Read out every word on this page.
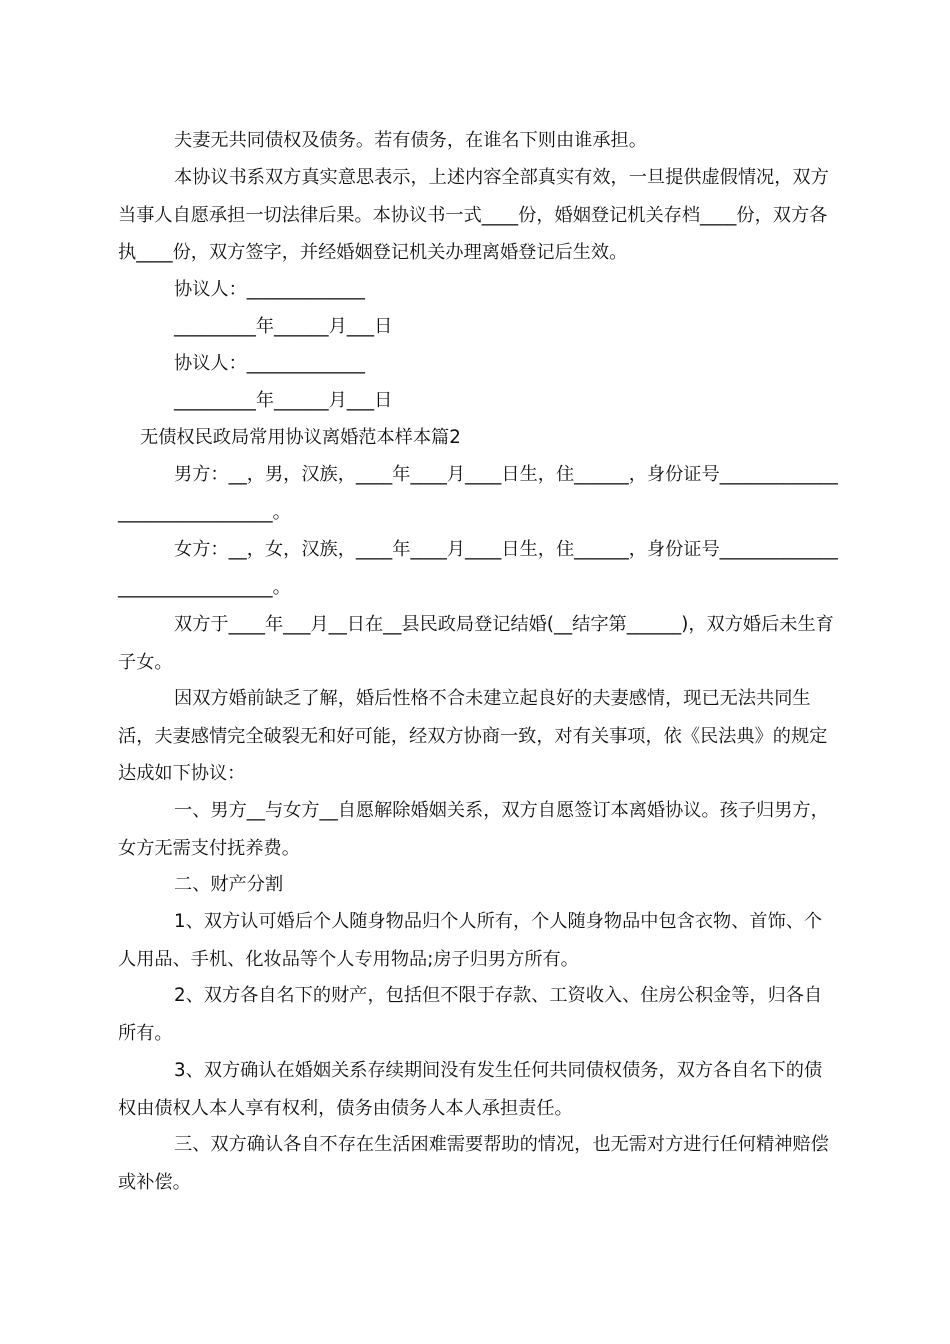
夫妻无共同债权及债务。若有债务，在谁名下则由谁承担。

本协议书系双方真实意思表示，上述内容全部真实有效，一旦提供虚假情况，双方当事人自愿承担一切法律后果。本协议书一式____份，婚姻登记机关存档____份，双方各执____份，双方签字，并经婚姻登记机关办理离婚登记后生效。

协议人：_____________

_________年______月___日

协议人：_____________

_________年______月___日

无债权民政局常用协议离婚范本样本篇2

男方：__，男，汉族，____年____月____日生，住______，身份证号______________________________。

女方：__，女，汉族，____年____月____日生，住______，身份证号______________________________。

双方于____年___月__日在__县民政局登记结婚(__结字第______)，双方婚后未生育子女。

因双方婚前缺乏了解，婚后性格不合未建立起良好的夫妻感情，现已无法共同生活，夫妻感情完全破裂无和好可能，经双方协商一致，对有关事项，依《民法典》的规定达成如下协议：

一、男方__与女方__自愿解除婚姻关系，双方自愿签订本离婚协议。孩子归男方，女方无需支付抚养费。

二、财产分割

1、双方认可婚后个人随身物品归个人所有，个人随身物品中包含衣物、首饰、个人用品、手机、化妆品等个人专用物品;房子归男方所有。

2、双方各自名下的财产，包括但不限于存款、工资收入、住房公积金等，归各自所有。

3、双方确认在婚姻关系存续期间没有发生任何共同债权债务，双方各自名下的债权由债权人本人享有权利，债务由债务人本人承担责任。

三、双方确认各自不存在生活困难需要帮助的情况，也无需对方进行任何精神赔偿或补偿。
